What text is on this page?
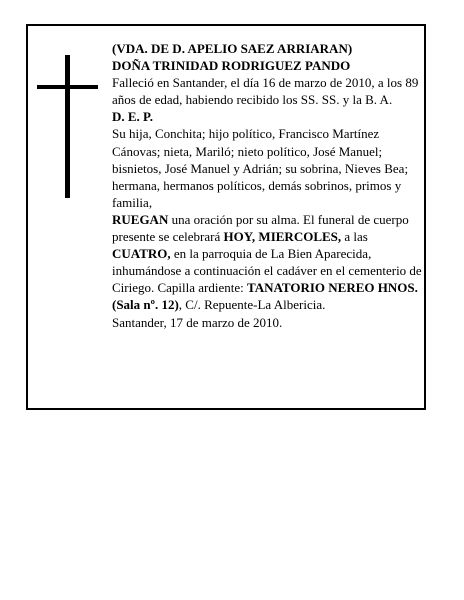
(VDA. DE D. APELIO SAEZ ARRIARAN)

DOÑA TRINIDAD RODRIGUEZ PANDO

Falleció en Santander, el día 16 de marzo de 2010, a los 89 años de edad, habiendo recibido los SS. SS. y la B. A.

D. E. P.

Su hija, Conchita; hijo político, Francisco Martínez Cánovas; nieta, Mariló; nieto político, José Manuel; bisnietos, José Manuel y Adrián; su sobrina, Nieves Bea; hermana, hermanos políticos, demás sobrinos, primos y familia,

RUEGAN una oración por su alma. El funeral de cuerpo presente se celebrará HOY, MIERCOLES, a las CUATRO, en la parroquia de La Bien Aparecida, inhumándose a continuación el cadáver en el cementerio de Ciriego. Capilla ardiente: TANATORIO NEREO HNOS. (Sala nº. 12), C/. Repuente-La Albericia.

Santander, 17 de marzo de 2010.
